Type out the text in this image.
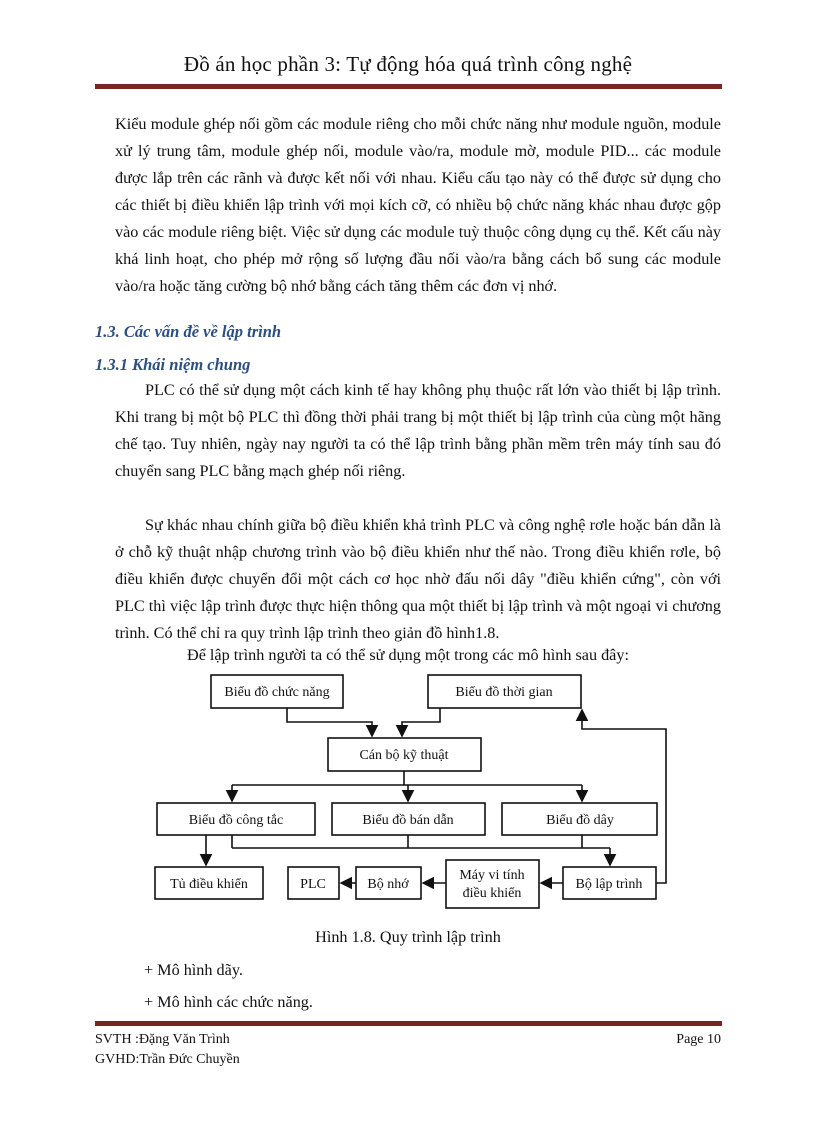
Đồ án học phần 3: Tự động hóa quá trình công nghệ

Kiểu module ghép nối gồm các module riêng cho mỗi chức năng như module nguồn, module xử lý trung tâm, module ghép nối, module vào/ra, module mờ, module PID... các module được lắp trên các rãnh và được kết nối với nhau. Kiểu cấu tạo này có thể được sử dụng cho các thiết bị điều khiển lập trình với mọi kích cỡ, có nhiều bộ chức năng khác nhau được gộp vào các module riêng biệt. Việc sử dụng các module tuỳ thuộc công dụng cụ thể. Kết cấu này khá linh hoạt, cho phép mở rộng số lượng đầu nối vào/ra bằng cách bổ sung các module vào/ra hoặc tăng cường bộ nhớ bằng cách tăng thêm các đơn vị nhớ.

1.3. Các vấn đề về lập trình
1.3.1 Khái niệm chung

PLC có thể sử dụng một cách kinh tế hay không phụ thuộc rất lớn vào thiết bị lập trình. Khi trang bị một bộ PLC thì đồng thời phải trang bị một thiết bị lập trình của cùng một hãng chế tạo. Tuy nhiên, ngày nay người ta có thể lập trình bằng phần mềm trên máy tính sau đó chuyển sang PLC bằng mạch ghép nối riêng.

Sự khác nhau chính giữa bộ điều khiển khả trình PLC và công nghệ rơle hoặc bán dẫn là ở chỗ kỹ thuật nhập chương trình vào bộ điều khiển như thế nào. Trong điều khiển rơle, bộ điều khiển được chuyển đổi một cách cơ học nhờ đấu nối dây "điều khiển cứng", còn với PLC thì việc lập trình được thực hiện thông qua một thiết bị lập trình và một ngoại vi chương trình. Có thể chỉ ra quy trình lập trình theo giản đồ hình1.8.

Để lập trình người ta có thể sử dụng một trong các mô hình sau đây:
Biểu đồ chức năng	Biểu đồ thời gian
Cán bộ kỹ thuật
Biểu đồ công tắc	Biểu đồ bán dẫn	Biểu đồ dây
Tủ điều khiển	PLC	Bộ nhớ
Máy vi tính
điều khiển
Bộ lập trình
Hình 1.8. Quy trình lập trình
+ Mô hình dãy.
+ Mô hình các chức năng.
SVTH :Đặng Văn Trình
GVHD:Trần Đức Chuyền
Page 10
